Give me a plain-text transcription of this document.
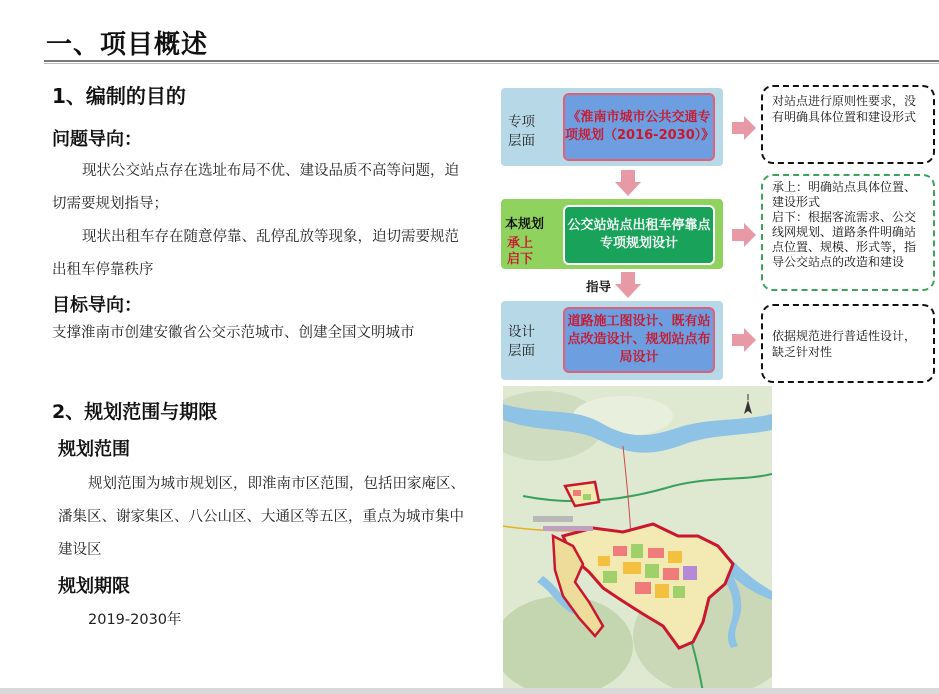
一、项目概述
1、编制的目的
问题导向：
现状公交站点存在选址布局不优、建设品质不高等问题，迫切需要规划指导；
现状出租车存在随意停靠、乱停乱放等现象，迫切需要规范出租车停靠秩序
目标导向：
支撑淮南市创建安徽省公交示范城市、创建全国文明城市
2、规划范围与期限
规划范围
规划范围为城市规划区，即淮南市区范围，包括田家庵区、潘集区、谢家集区、八公山区、大通区等五区，重点为城市集中建设区
规划期限
2019-2030年
专项
层面
《淮南市城市公共交通专项规划（2016-2030）》
对站点进行原则性要求，没有明确具体位置和建设形式
本规划
承上
启下
公交站站点出租车停靠点专项规划设计
承上：明确站点具体位置、建设形式
启下：根据客流需求、公交线网规划、道路条件明确站点位置、规模、形式等，指导公交站点的改造和建设
指导
设计
层面
道路施工图设计、既有站点改造设计、规划站点布局设计
依据规范进行普适性设计，缺乏针对性
